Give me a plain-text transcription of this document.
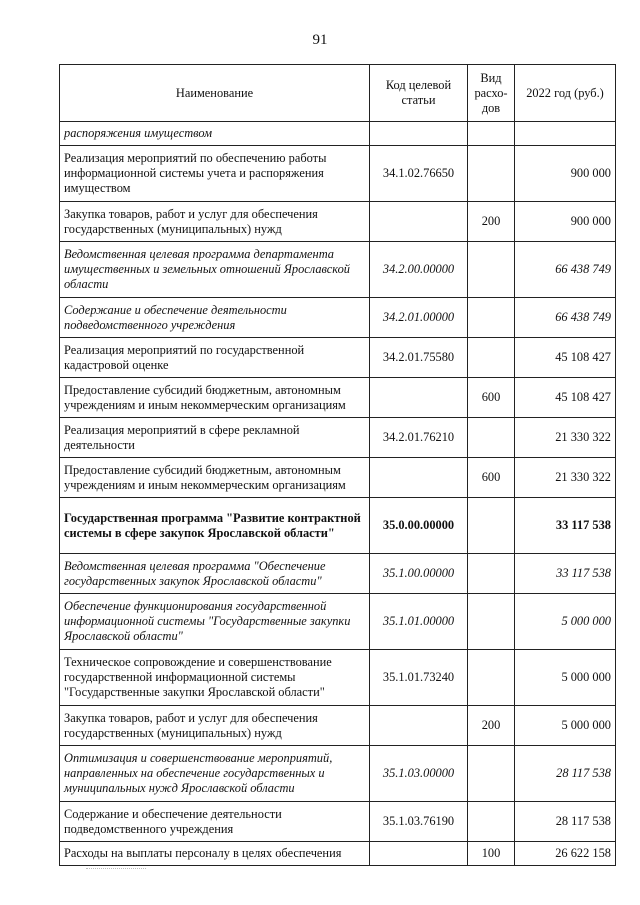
91
Наименование	Код целевой статьи	Вид расхо-дов	2022 год (руб.)
распоряжения имуществом			
Реализация мероприятий по обеспечению работы информационной системы учета и распоряжения имуществом	34.1.02.76650		900 000
Закупка товаров, работ и услуг для обеспечения государственных (муниципальных) нужд		200	900 000
Ведомственная целевая программа департамента имущественных и земельных отношений Ярославской области	34.2.00.00000		66 438 749
Содержание и обеспечение деятельности подведомственного учреждения	34.2.01.00000		66 438 749
Реализация мероприятий по государственной кадастровой оценке	34.2.01.75580		45 108 427
Предоставление субсидий бюджетным, автономным учреждениям и иным некоммерческим организациям		600	45 108 427
Реализация мероприятий в сфере рекламной деятельности	34.2.01.76210		21 330 322
Предоставление субсидий бюджетным, автономным учреждениям и иным некоммерческим организациям		600	21 330 322
Государственная программа "Развитие контрактной системы в сфере закупок Ярославской области"	35.0.00.00000		33 117 538
Ведомственная целевая программа "Обеспечение государственных закупок Ярославской области"	35.1.00.00000		33 117 538
Обеспечение функционирования государственной информационной системы "Государственные закупки Ярославской области"	35.1.01.00000		5 000 000
Техническое сопровождение и совершенствование государственной информационной системы "Государственные закупки Ярославской области"	35.1.01.73240		5 000 000
Закупка товаров, работ и услуг для обеспечения государственных (муниципальных) нужд		200	5 000 000
Оптимизация и совершенствование мероприятий, направленных на обеспечение государственных и муниципальных нужд Ярославской области	35.1.03.00000		28 117 538
Содержание и обеспечение деятельности подведомственного учреждения	35.1.03.76190		28 117 538
Расходы на выплаты персоналу в целях обеспечения		100	26 622 158
